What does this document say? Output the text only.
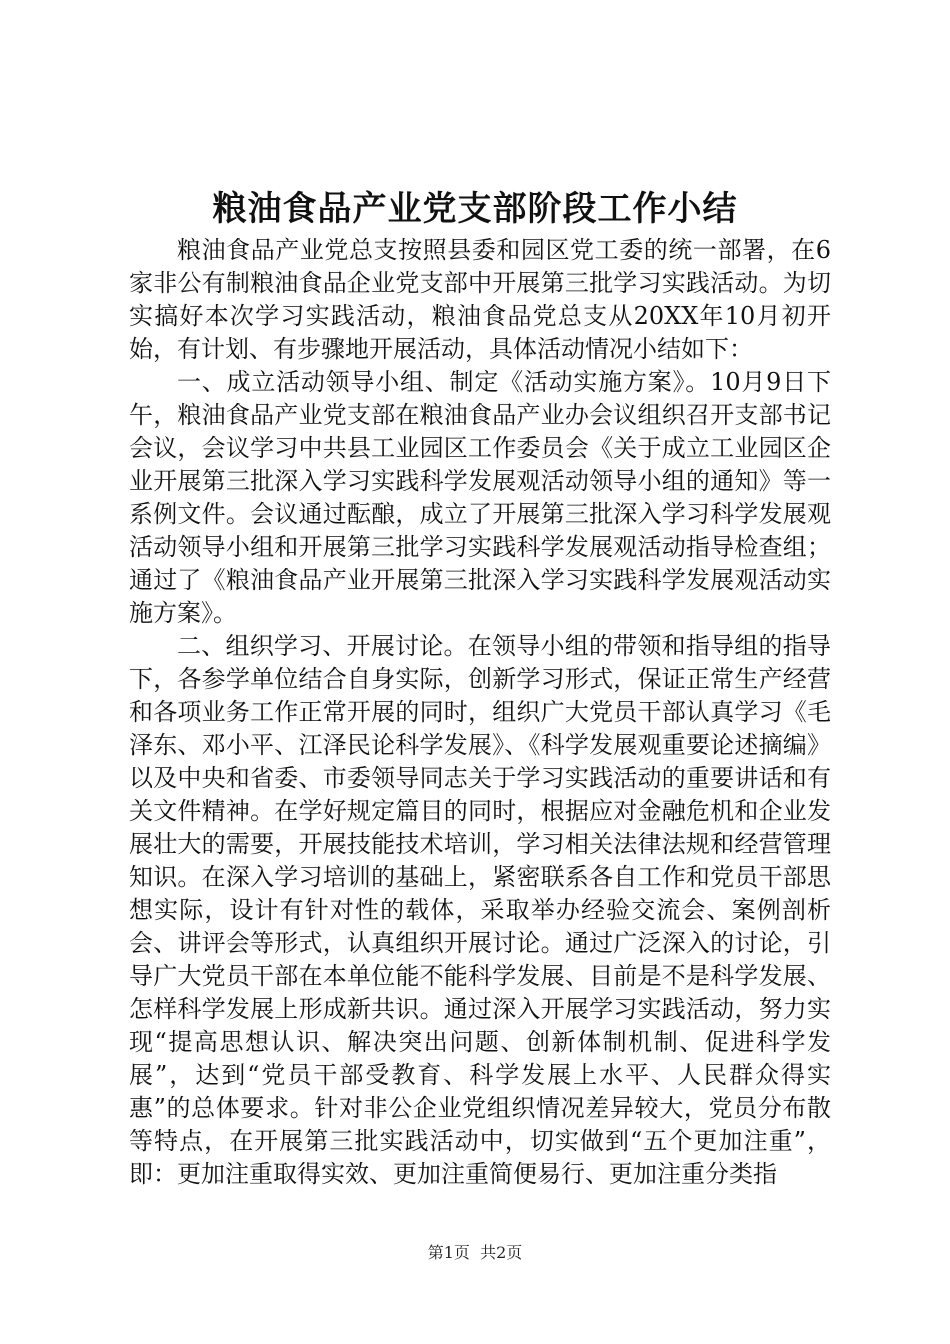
粮油食品产业党支部阶段工作小结

粮油食品产业党总支按照县委和园区党工委的统一部署，在6家非公有制粮油食品企业党支部中开展第三批学习实践活动。为切实搞好本次学习实践活动，粮油食品党总支从20XX年10月初开始，有计划、有步骤地开展活动，具体活动情况小结如下：

一、成立活动领导小组、制定《活动实施方案》。10月9日下午，粮油食品产业党支部在粮油食品产业办会议组织召开支部书记会议，会议学习中共县工业园区工作委员会《关于成立工业园区企业开展第三批深入学习实践科学发展观活动领导小组的通知》等一系例文件。会议通过酝酿，成立了开展第三批深入学习科学发展观活动领导小组和开展第三批学习实践科学发展观活动指导检查组；通过了《粮油食品产业开展第三批深入学习实践科学发展观活动实施方案》。

二、组织学习、开展讨论。在领导小组的带领和指导组的指导下，各参学单位结合自身实际，创新学习形式，保证正常生产经营和各项业务工作正常开展的同时，组织广大党员干部认真学习《毛泽东、邓小平、江泽民论科学发展》、《科学发展观重要论述摘编》以及中央和省委、市委领导同志关于学习实践活动的重要讲话和有关文件精神。在学好规定篇目的同时，根据应对金融危机和企业发展壮大的需要，开展技能技术培训，学习相关法律法规和经营管理知识。在深入学习培训的基础上，紧密联系各自工作和党员干部思想实际，设计有针对性的载体，采取举办经验交流会、案例剖析会、讲评会等形式，认真组织开展讨论。通过广泛深入的讨论，引导广大党员干部在本单位能不能科学发展、目前是不是科学发展、怎样科学发展上形成新共识。通过深入开展学习实践活动，努力实现“提高思想认识、解决突出问题、创新体制机制、促进科学发展”，达到“党员干部受教育、科学发展上水平、人民群众得实惠”的总体要求。针对非公企业党组织情况差异较大，党员分布散等特点，在开展第三批实践活动中，切实做到“五个更加注重”，即：更加注重取得实效、更加注重简便易行、更加注重分类指

第1页  共2页
